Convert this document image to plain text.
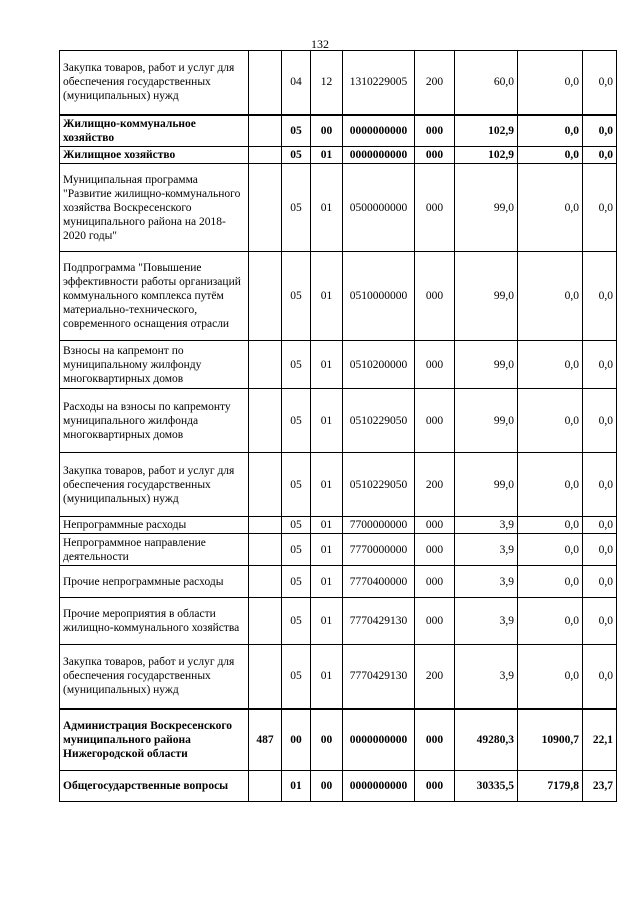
132
Закупка товаров, работ и услуг для обеспечения государственных (муниципальных) нужд		04	12	1310229005	200	60,0	0,0	0,0
Жилищно-коммунальное хозяйство		05	00	0000000000	000	102,9	0,0	0,0
Жилищное хозяйство		05	01	0000000000	000	102,9	0,0	0,0
Муниципальная программа "Развитие жилищно-коммунального хозяйства Воскресенского муниципального района на 2018-2020 годы"		05	01	0500000000	000	99,0	0,0	0,0
Подпрограмма "Повышение эффективности работы организаций коммунального комплекса путём материально-технического, современного оснащения отрасли		05	01	0510000000	000	99,0	0,0	0,0
Взносы на капремонт по муниципальному жилфонду многоквартирных домов		05	01	0510200000	000	99,0	0,0	0,0
Расходы на взносы по капремонту муниципального жилфонда многоквартирных домов		05	01	0510229050	000	99,0	0,0	0,0
Закупка товаров, работ и услуг для обеспечения государственных (муниципальных) нужд		05	01	0510229050	200	99,0	0,0	0,0
Непрограммные расходы		05	01	7700000000	000	3,9	0,0	0,0
Непрограммное направление деятельности		05	01	7770000000	000	3,9	0,0	0,0
Прочие непрограммные расходы		05	01	7770400000	000	3,9	0,0	0,0
Прочие мероприятия в области жилищно-коммунального хозяйства		05	01	7770429130	000	3,9	0,0	0,0
Закупка товаров, работ и услуг для обеспечения государственных (муниципальных) нужд		05	01	7770429130	200	3,9	0,0	0,0
Администрация Воскресенского муниципального района Нижегородской области	487	00	00	0000000000	000	49280,3	10900,7	22,1
Общегосударственные вопросы		01	00	0000000000	000	30335,5	7179,8	23,7
